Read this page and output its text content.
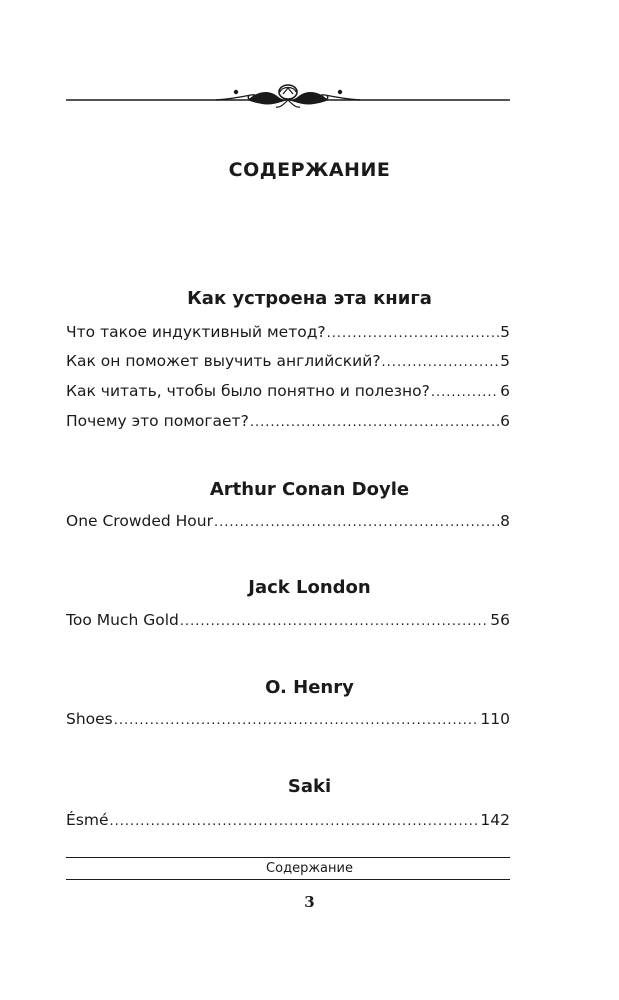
СОДЕРЖАНИЕ
Как устроена эта книга
Что такое индуктивный метод? .....	5
Как он поможет выучить английский? .....	5
Как читать, чтобы было понятно и полезно? .....	6
Почему это помогает? .....	6
Arthur Conan Doyle
One Crowded Hour .....	8
Jack London
Too Much Gold .....	56
O. Henry
Shoes .....	110
Saki
Ésmé .....	142
Содержание
3
